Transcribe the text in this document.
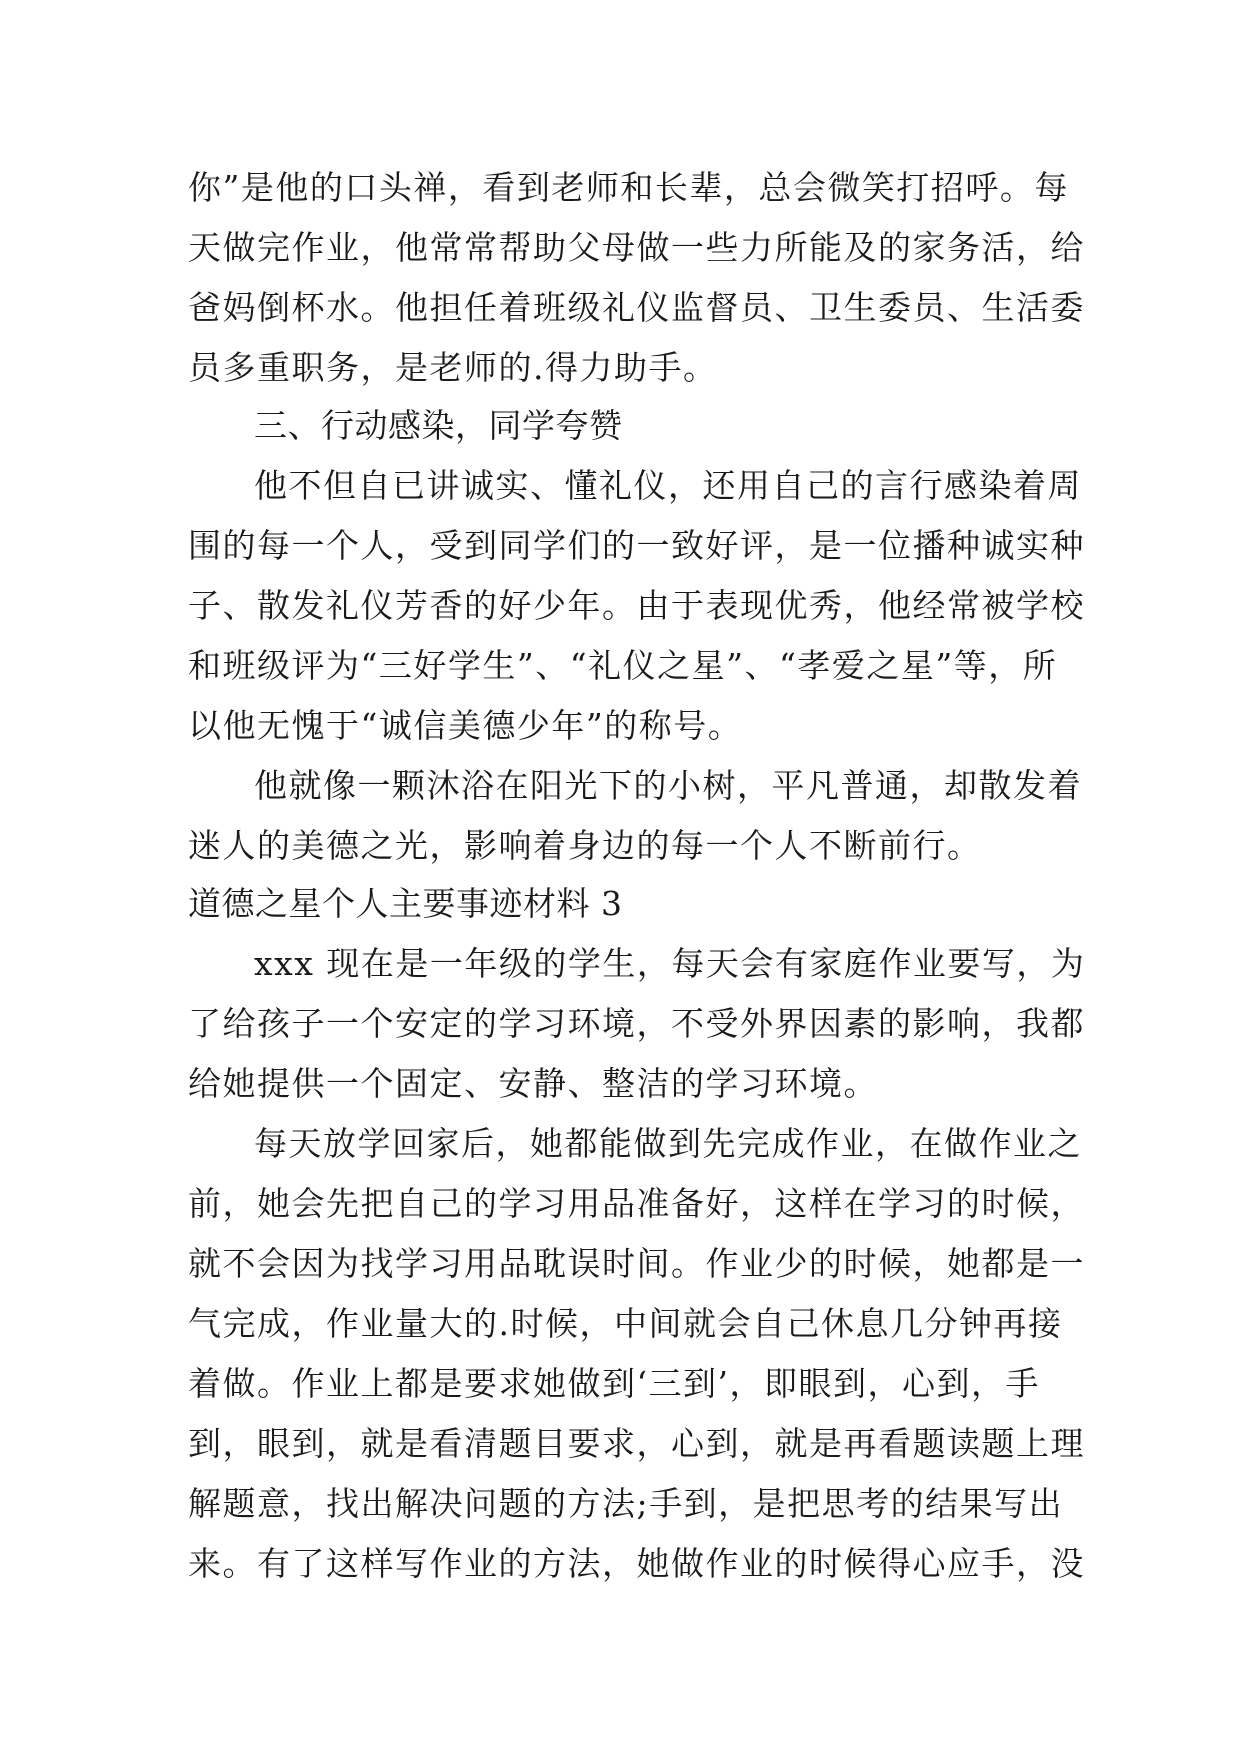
你”是他的口头禅，看到老师和长辈，总会微笑打招呼。每
天做完作业，他常常帮助父母做一些力所能及的家务活，给
爸妈倒杯水。他担任着班级礼仪监督员、卫生委员、生活委
员多重职务，是老师的.得力助手。
三、行动感染，同学夸赞
他不但自已讲诚实、懂礼仪，还用自己的言行感染着周
围的每一个人，受到同学们的一致好评，是一位播种诚实种
子、散发礼仪芳香的好少年。由于表现优秀，他经常被学校
和班级评为“三好学生”、“礼仪之星”、“孝爱之星”等，所
以他无愧于“诚信美德少年”的称号。
他就像一颗沐浴在阳光下的小树，平凡普通，却散发着
迷人的美德之光，影响着身边的每一个人不断前行。
道德之星个人主要事迹材料 3
xxx 现在是一年级的学生，每天会有家庭作业要写，为
了给孩子一个安定的学习环境，不受外界因素的影响，我都
给她提供一个固定、安静、整洁的学习环境。
每天放学回家后，她都能做到先完成作业，在做作业之
前，她会先把自己的学习用品准备好，这样在学习的时候，
就不会因为找学习用品耽误时间。作业少的时候，她都是一
气完成，作业量大的.时候，中间就会自己休息几分钟再接
着做。作业上都是要求她做到‘三到’，即眼到，心到，手
到，眼到，就是看清题目要求，心到，就是再看题读题上理
解题意，找出解决问题的方法;手到，是把思考的结果写出
来。有了这样写作业的方法，她做作业的时候得心应手，没
